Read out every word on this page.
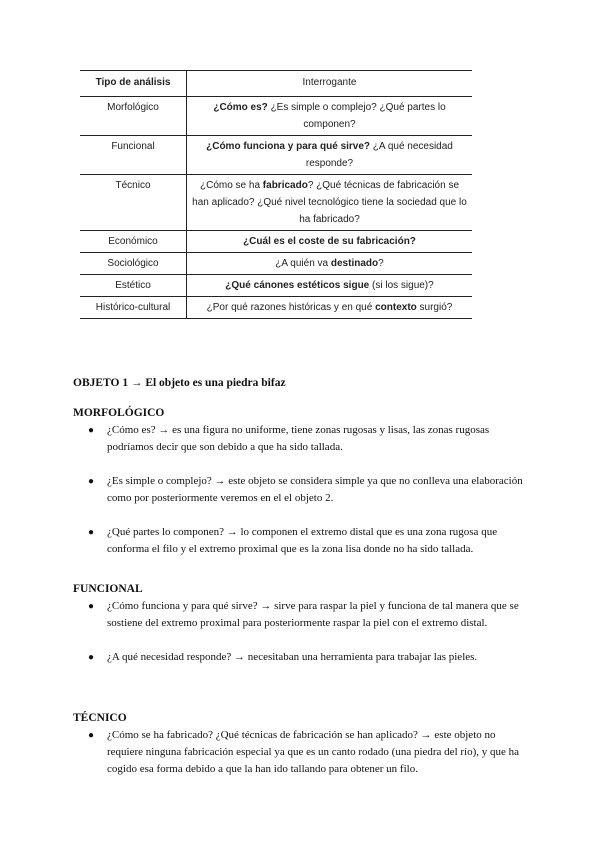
Tipo de análisis	Interrogante
Morfológico	¿Cómo es? ¿Es simple o complejo? ¿Qué partes lo componen?
Funcional	¿Cómo funciona y para qué sirve? ¿A qué necesidad responde?
Técnico	¿Cómo se ha fabricado? ¿Qué técnicas de fabricación se han aplicado? ¿Qué nivel tecnológico tiene la sociedad que lo ha fabricado?
Económico	¿Cuál es el coste de su fabricación?
Sociológico	¿A quién va destinado?
Estético	¿Qué cánones estéticos sigue (si los sigue)?
Histórico-cultural	¿Por qué razones históricas y en qué contexto surgió?
OBJETO 1 → El objeto es una piedra bifaz
MORFOLÓGICO
● ¿Cómo es? → es una figura no uniforme, tiene zonas rugosas y lisas, las zonas rugosas podríamos decir que son debido a que ha sido tallada.
● ¿Es simple o complejo? → este objeto se considera simple ya que no conlleva una elaboración como por posteriormente veremos en el el objeto 2.
● ¿Qué partes lo componen? → lo componen el extremo distal que es una zona rugosa que conforma el filo y el extremo proximal que es la zona lisa donde no ha sido tallada.
FUNCIONAL
● ¿Cómo funciona y para qué sirve? → sirve para raspar la piel y funciona de tal manera que se sostiene del extremo proximal para posteriormente raspar la piel con el extremo distal.
● ¿A qué necesidad responde? → necesitaban una herramienta para trabajar las pieles.
TÉCNICO
● ¿Cómo se ha fabricado? ¿Qué técnicas de fabricación se han aplicado? → este objeto no requiere ninguna fabricación especial ya que es un canto rodado (una piedra del río), y que ha cogido esa forma debido a que la han ido tallando para obtener un filo.
